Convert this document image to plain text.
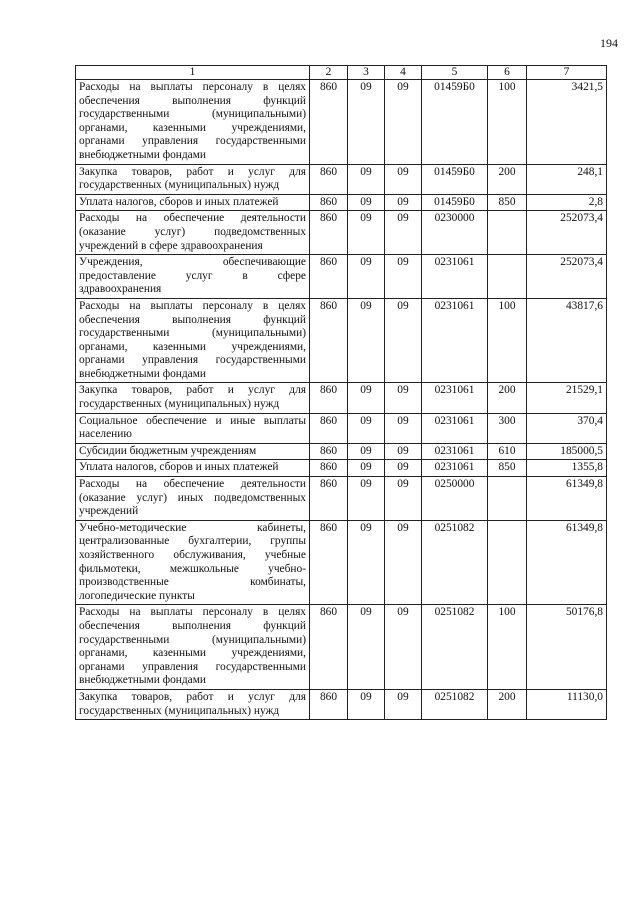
194
1	2	3	4	5	6	7
Расходы на выплаты персоналу в целях обеспечения выполнения функций государственными (муниципальными) органами, казенными учреждениями, органами управления государственными внебюджетными фондами	860	09	09	01459Б0	100	3421,5
Закупка товаров, работ и услуг для государственных (муниципальных) нужд	860	09	09	01459Б0	200	248,1
Уплата налогов, сборов и иных платежей	860	09	09	01459Б0	850	2,8
Расходы на обеспечение деятельности (оказание услуг) подведомственных учреждений в сфере здравоохранения	860	09	09	0230000		252073,4
Учреждения, обеспечивающие предоставление услуг в сфере здравоохранения	860	09	09	0231061		252073,4
Расходы на выплаты персоналу в целях обеспечения выполнения функций государственными (муниципальными) органами, казенными учреждениями, органами управления государственными внебюджетными фондами	860	09	09	0231061	100	43817,6
Закупка товаров, работ и услуг для государственных (муниципальных) нужд	860	09	09	0231061	200	21529,1
Социальное обеспечение и иные выплаты населению	860	09	09	0231061	300	370,4
Субсидии бюджетным учреждениям	860	09	09	0231061	610	185000,5
Уплата налогов, сборов и иных платежей	860	09	09	0231061	850	1355,8
Расходы на обеспечение деятельности (оказание услуг) иных подведомственных учреждений	860	09	09	0250000		61349,8
Учебно-методические кабинеты, централизованные бухгалтерии, группы хозяйственного обслуживания, учебные фильмотеки, межшкольные учебно-производственные комбинаты, логопедические пункты	860	09	09	0251082		61349,8
Расходы на выплаты персоналу в целях обеспечения выполнения функций государственными (муниципальными) органами, казенными учреждениями, органами управления государственными внебюджетными фондами	860	09	09	0251082	100	50176,8
Закупка товаров, работ и услуг для государственных (муниципальных) нужд	860	09	09	0251082	200	11130,0
